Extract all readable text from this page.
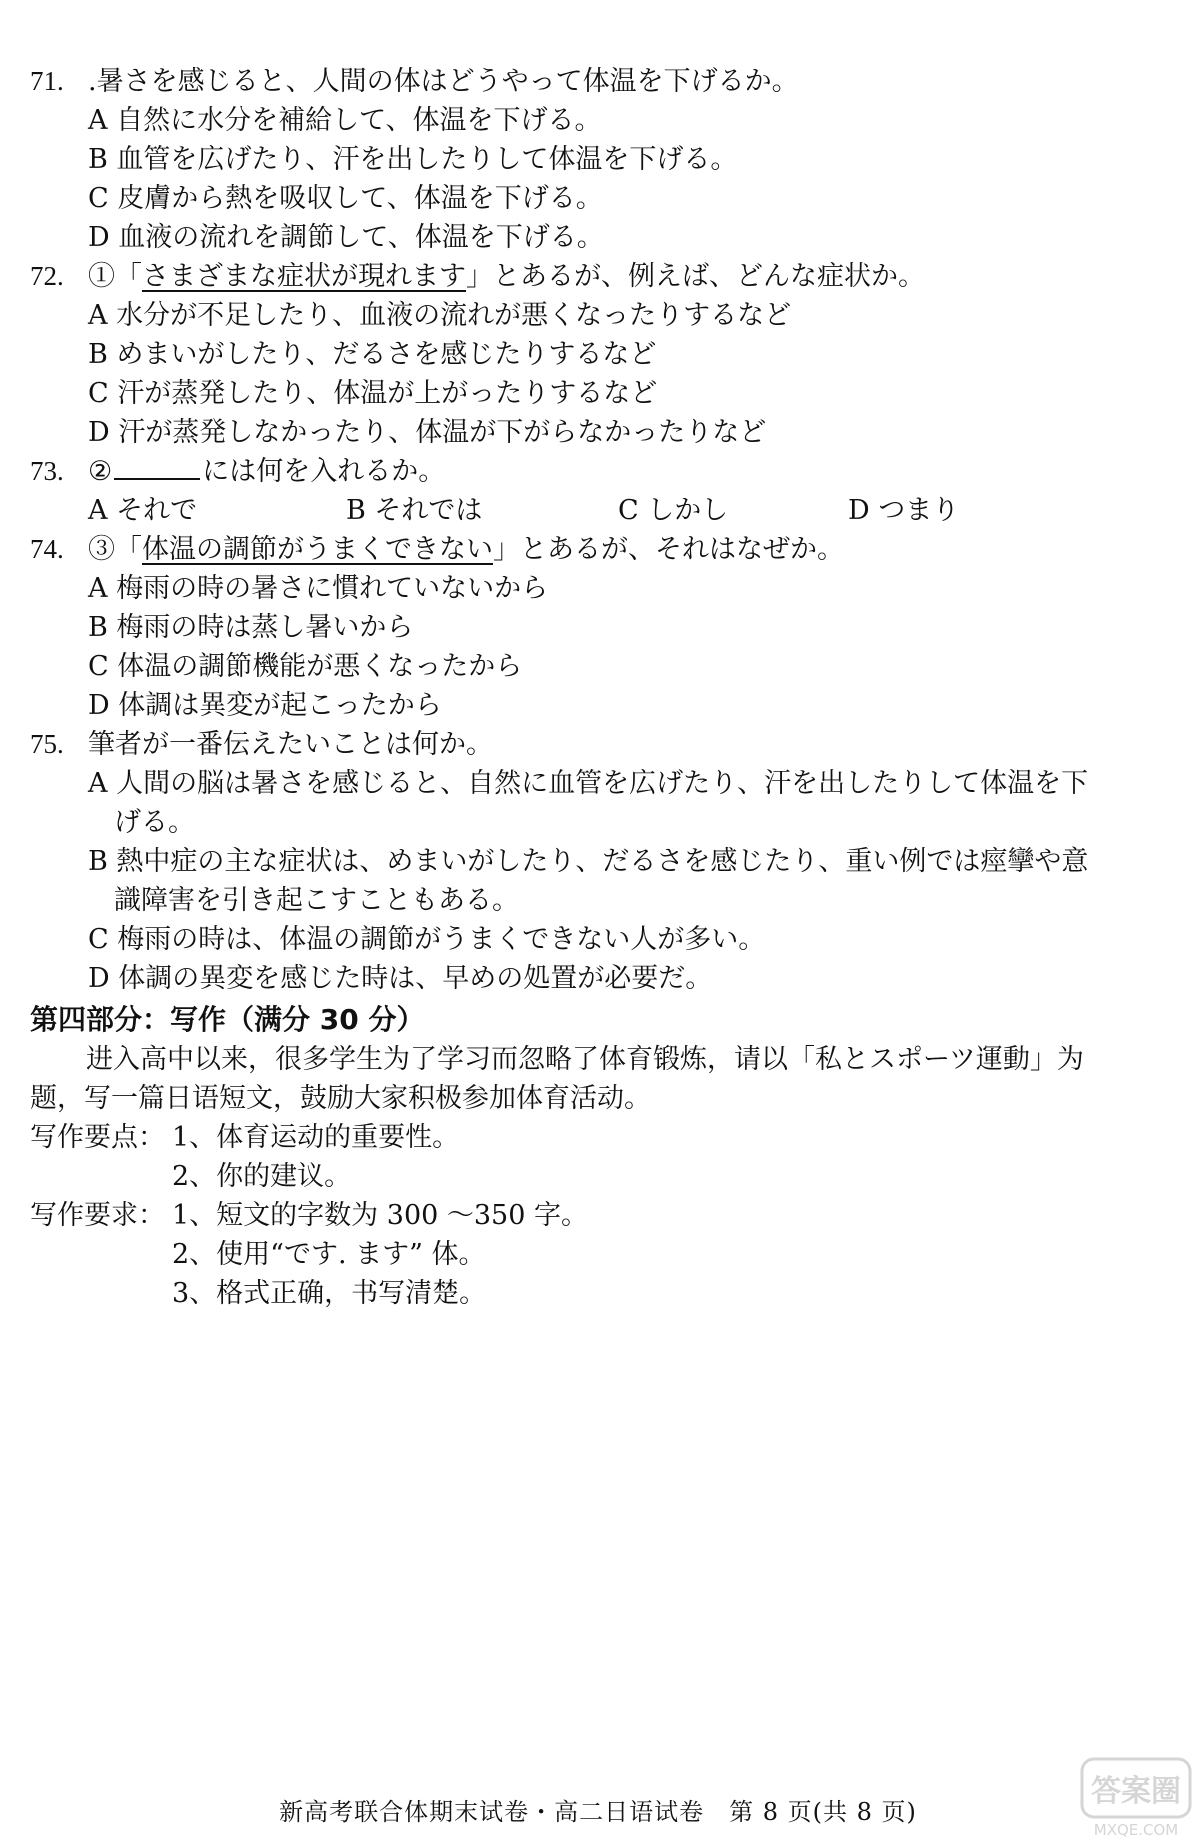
71. .暑さを感じると、人間の体はどうやって体温を下げるか。
A 自然に水分を補給して、体温を下げる。
B 血管を広げたり、汗を出したりして体温を下げる。
C 皮膚から熱を吸収して、体温を下げる。
D 血液の流れを調節して、体温を下げる。
72. ①「さまざまな症状が現れます」とあるが、例えば、どんな症状か。
A 水分が不足したり、血液の流れが悪くなったりするなど
B めまいがしたり、だるさを感じたりするなど
C 汗が蒸発したり、体温が上がったりするなど
D 汗が蒸発しなかったり、体温が下がらなかったりなど
73. ②	には何を入れるか。
A それで	B それでは	C しかし	D つまり
74. ③「体温の調節がうまくできない」とあるが、それはなぜか。
A 梅雨の時の暑さに慣れていないから
B 梅雨の時は蒸し暑いから
C 体温の調節機能が悪くなったから
D 体調は異変が起こったから
75. 筆者が一番伝えたいことは何か。
A 人間の脳は暑さを感じると、自然に血管を広げたり、汗を出したりして体温を下
げる。
B 熱中症の主な症状は、めまいがしたり、だるさを感じたり、重い例では痙攣や意
識障害を引き起こすこともある。
C 梅雨の時は、体温の調節がうまくできない人が多い。
D 体調の異変を感じた時は、早めの処置が必要だ。
第四部分：写作（满分 30 分）

进入高中以来，很多学生为了学习而忽略了体育锻炼，请以「私とスポーツ運動」为
题，写一篇日语短文，鼓励大家积极参加体育活动。

写作要点： 1、体育运动的重要性。
2、你的建议。
写作要求： 1、短文的字数为 300 ～350 字。
2、使用“です. ます” 体。
3、格式正确，书写清楚。
新高考联合体期末试卷・高二日语试卷　第 8 页(共 8 页)
答案圈
MXQE.COM
